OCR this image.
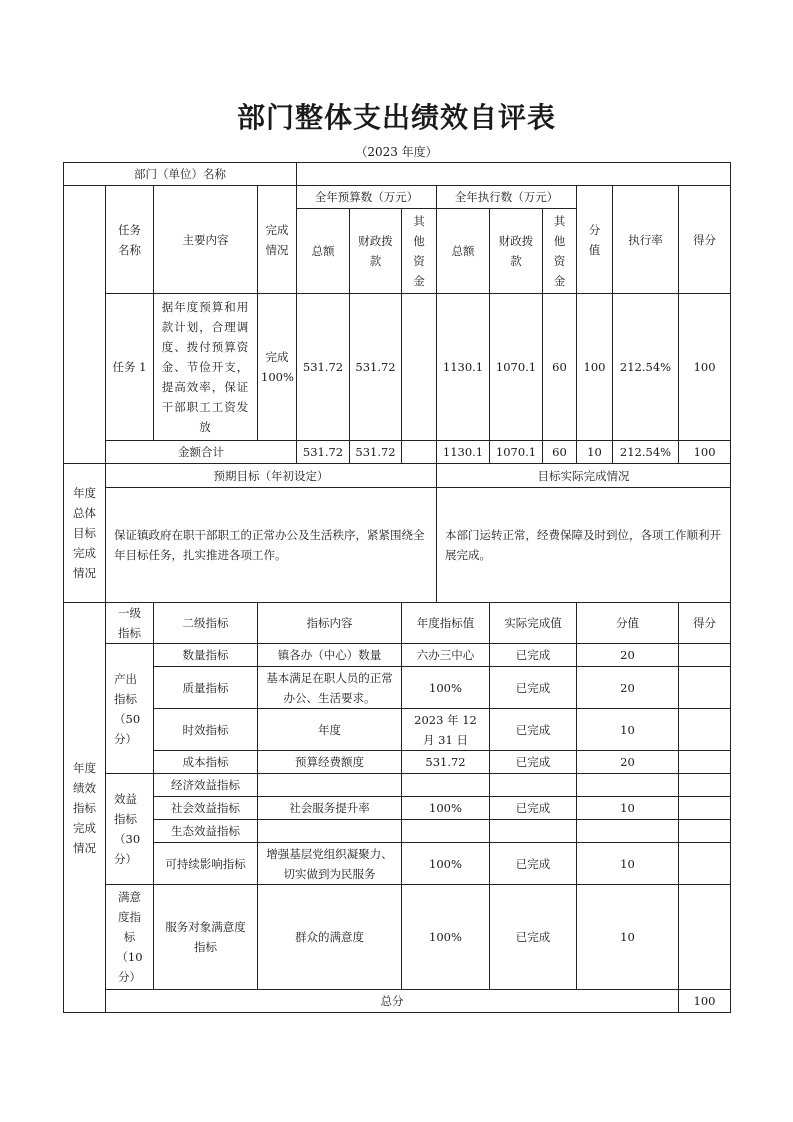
部门整体支出绩效自评表
（2023 年度）
部门（单位）名称												

	任务名称	主要内容	完成情况	全年预算数（万元）			全年执行数（万元）			分值	执行率	得分
				总额	财政拨款	其他资金	总额	财政拨款	其他资金			
	任务 1	据年度预算和用款计划，合理调度、拨付预算资金、节俭开支，提高效率，保证干部职工工资发放	完成100%	531.72	531.72		1130.1	1070.1	60	100	212.54%	100
	金额合计			531.72	531.72		1130.1	1070.1	60	10	212.54%	100
年度总体目标完成情况	预期目标（年初设定）	目标实际完成情况
	保证镇政府在职干部职工的正常办公及生活秩序，紧紧围绕全年目标任务，扎实推进各项工作。	本部门运转正常，经费保障及时到位，各项工作顺利开展完成。
年度绩效指标完成情况	一级指标	二级指标	指标内容	年度指标值	实际完成值	分值	得分	
	产出指标（50分）	数量指标	镇各办（中心）数量	六办三中心	已完成	20		
		质量指标	基本满足在职人员的正常办公、生活要求。	100%	已完成	20		
		时效指标	年度	2023 年 12 月 31 日	已完成	10		
		成本指标	预算经费额度	531.72	已完成	20		
	效益指标（30分）	经济效益指标						
		社会效益指标	社会服务提升率	100%	已完成	10		
		生态效益指标						
		可持续影响指标	增强基层党组织凝聚力、切实做到为民服务	100%	已完成	10		
	满意度指标（10分）	服务对象满意度指标	群众的满意度	100%	已完成	10		
	总分						100	
